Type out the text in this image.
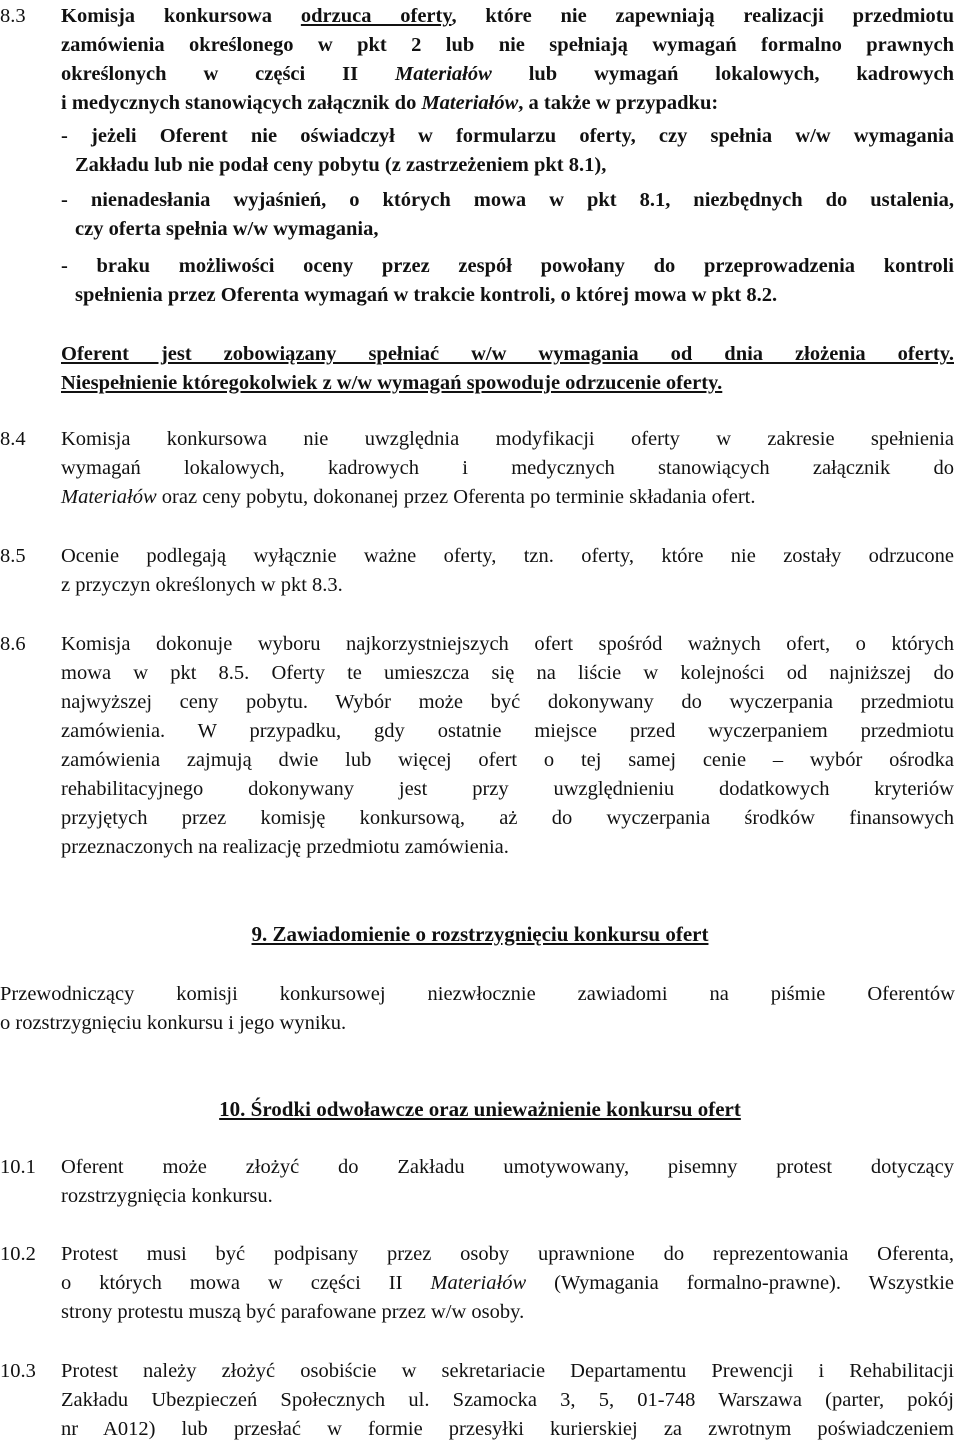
8.3	Komisja konkursowa odrzuca oferty, które nie zapewniają realizacji przedmiotu
zamówienia określonego w pkt 2 lub nie spełniają wymagań formalno prawnych
określonych w części II Materiałów lub wymagań lokalowych, kadrowych
i medycznych stanowiących załącznik do Materiałów, a także w przypadku:
- jeżeli Oferent nie oświadczył w formularzu oferty, czy spełnia w/w wymagania
Zakładu lub nie podał ceny pobytu (z zastrzeżeniem pkt 8.1),
- nienadesłania wyjaśnień, o których mowa w pkt 8.1, niezbędnych do ustalenia,
czy oferta spełnia w/w wymagania,
- braku możliwości oceny przez zespół powołany do przeprowadzenia kontroli
spełnienia przez Oferenta wymagań w trakcie kontroli, o której mowa w pkt 8.2.
Oferent jest zobowiązany spełniać w/w wymagania od dnia złożenia oferty.
Niespełnienie któregokolwiek z w/w wymagań spowoduje odrzucenie oferty.
8.4	Komisja konkursowa nie uwzględnia modyfikacji oferty w zakresie spełnienia
wymagań lokalowych, kadrowych i medycznych stanowiących załącznik do
Materiałów oraz ceny pobytu, dokonanej przez Oferenta po terminie składania ofert.
8.5	Ocenie podlegają wyłącznie ważne oferty, tzn. oferty, które nie zostały odrzucone
z przyczyn określonych w pkt 8.3.
8.6	Komisja dokonuje wyboru najkorzystniejszych ofert spośród ważnych ofert, o których
mowa w pkt 8.5. Oferty te umieszcza się na liście w kolejności od najniższej do
najwyższej ceny pobytu. Wybór może być dokonywany do wyczerpania przedmiotu
zamówienia. W przypadku, gdy ostatnie miejsce przed wyczerpaniem przedmiotu
zamówienia zajmują dwie lub więcej ofert o tej samej cenie – wybór ośrodka
rehabilitacyjnego dokonywany jest przy uwzględnieniu dodatkowych kryteriów
przyjętych przez komisję konkursową, aż do wyczerpania środków finansowych
przeznaczonych na realizację przedmiotu zamówienia.
9. Zawiadomienie o rozstrzygnięciu konkursu ofert
Przewodniczący komisji konkursowej niezwłocznie zawiadomi na piśmie Oferentów
o rozstrzygnięciu konkursu i jego wyniku.
10. Środki odwoławcze oraz unieważnienie konkursu ofert
10.1	Oferent może złożyć do Zakładu umotywowany, pisemny protest dotyczący
rozstrzygnięcia konkursu.
10.2	Protest musi być podpisany przez osoby uprawnione do reprezentowania Oferenta,
o których mowa w części II Materiałów (Wymagania formalno-prawne). Wszystkie
strony protestu muszą być parafowane przez w/w osoby.
10.3	Protest należy złożyć osobiście w sekretariacie Departamentu Prewencji i Rehabilitacji
Zakładu Ubezpieczeń Społecznych ul. Szamocka 3, 5, 01-748 Warszawa (parter, pokój
nr A012) lub przesłać w formie przesyłki kurierskiej za zwrotnym poświadczeniem
